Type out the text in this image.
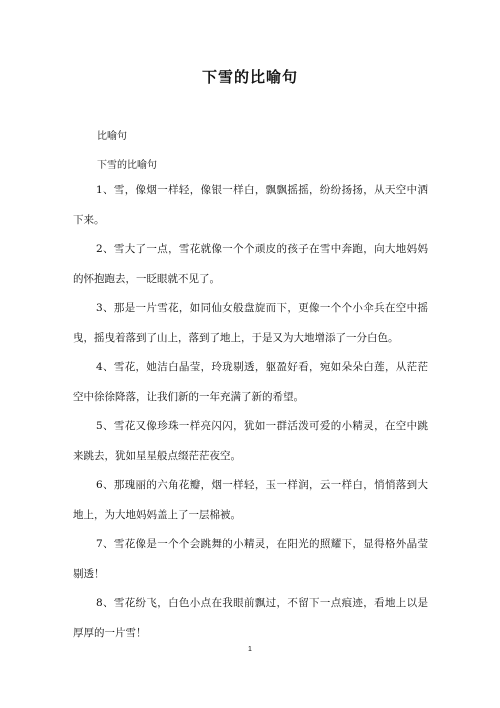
下雪的比喻句
比喻句
下雪的比喻句

1、雪，像烟一样轻，像银一样白，飘飘摇摇，纷纷扬扬，从天空中洒下来。

2、雪大了一点，雪花就像一个个顽皮的孩子在雪中奔跑，向大地妈妈的怀抱跑去，一眨眼就不见了。

3、那是一片雪花，如同仙女般盘旋而下，更像一个个小伞兵在空中摇曳，摇曳着落到了山上，落到了地上，于是又为大地增添了一分白色。

4、雪花，她洁白晶莹，玲珑剔透，躯盈好看，宛如朵朵白莲，从茫茫空中徐徐降落，让我们新的一年充满了新的希望。

5、雪花又像珍珠一样亮闪闪，犹如一群活泼可爱的小精灵，在空中跳来跳去，犹如星星般点缀茫茫夜空。

6、那瑰丽的六角花瓣，烟一样轻，玉一样润，云一样白，悄悄落到大地上，为大地妈妈盖上了一层棉被。

7、雪花像是一个个会跳舞的小精灵，在阳光的照耀下，显得格外晶莹剔透！

8、雪花纷飞，白色小点在我眼前飘过，不留下一点痕迹，看地上以是厚厚的一片雪！

1
